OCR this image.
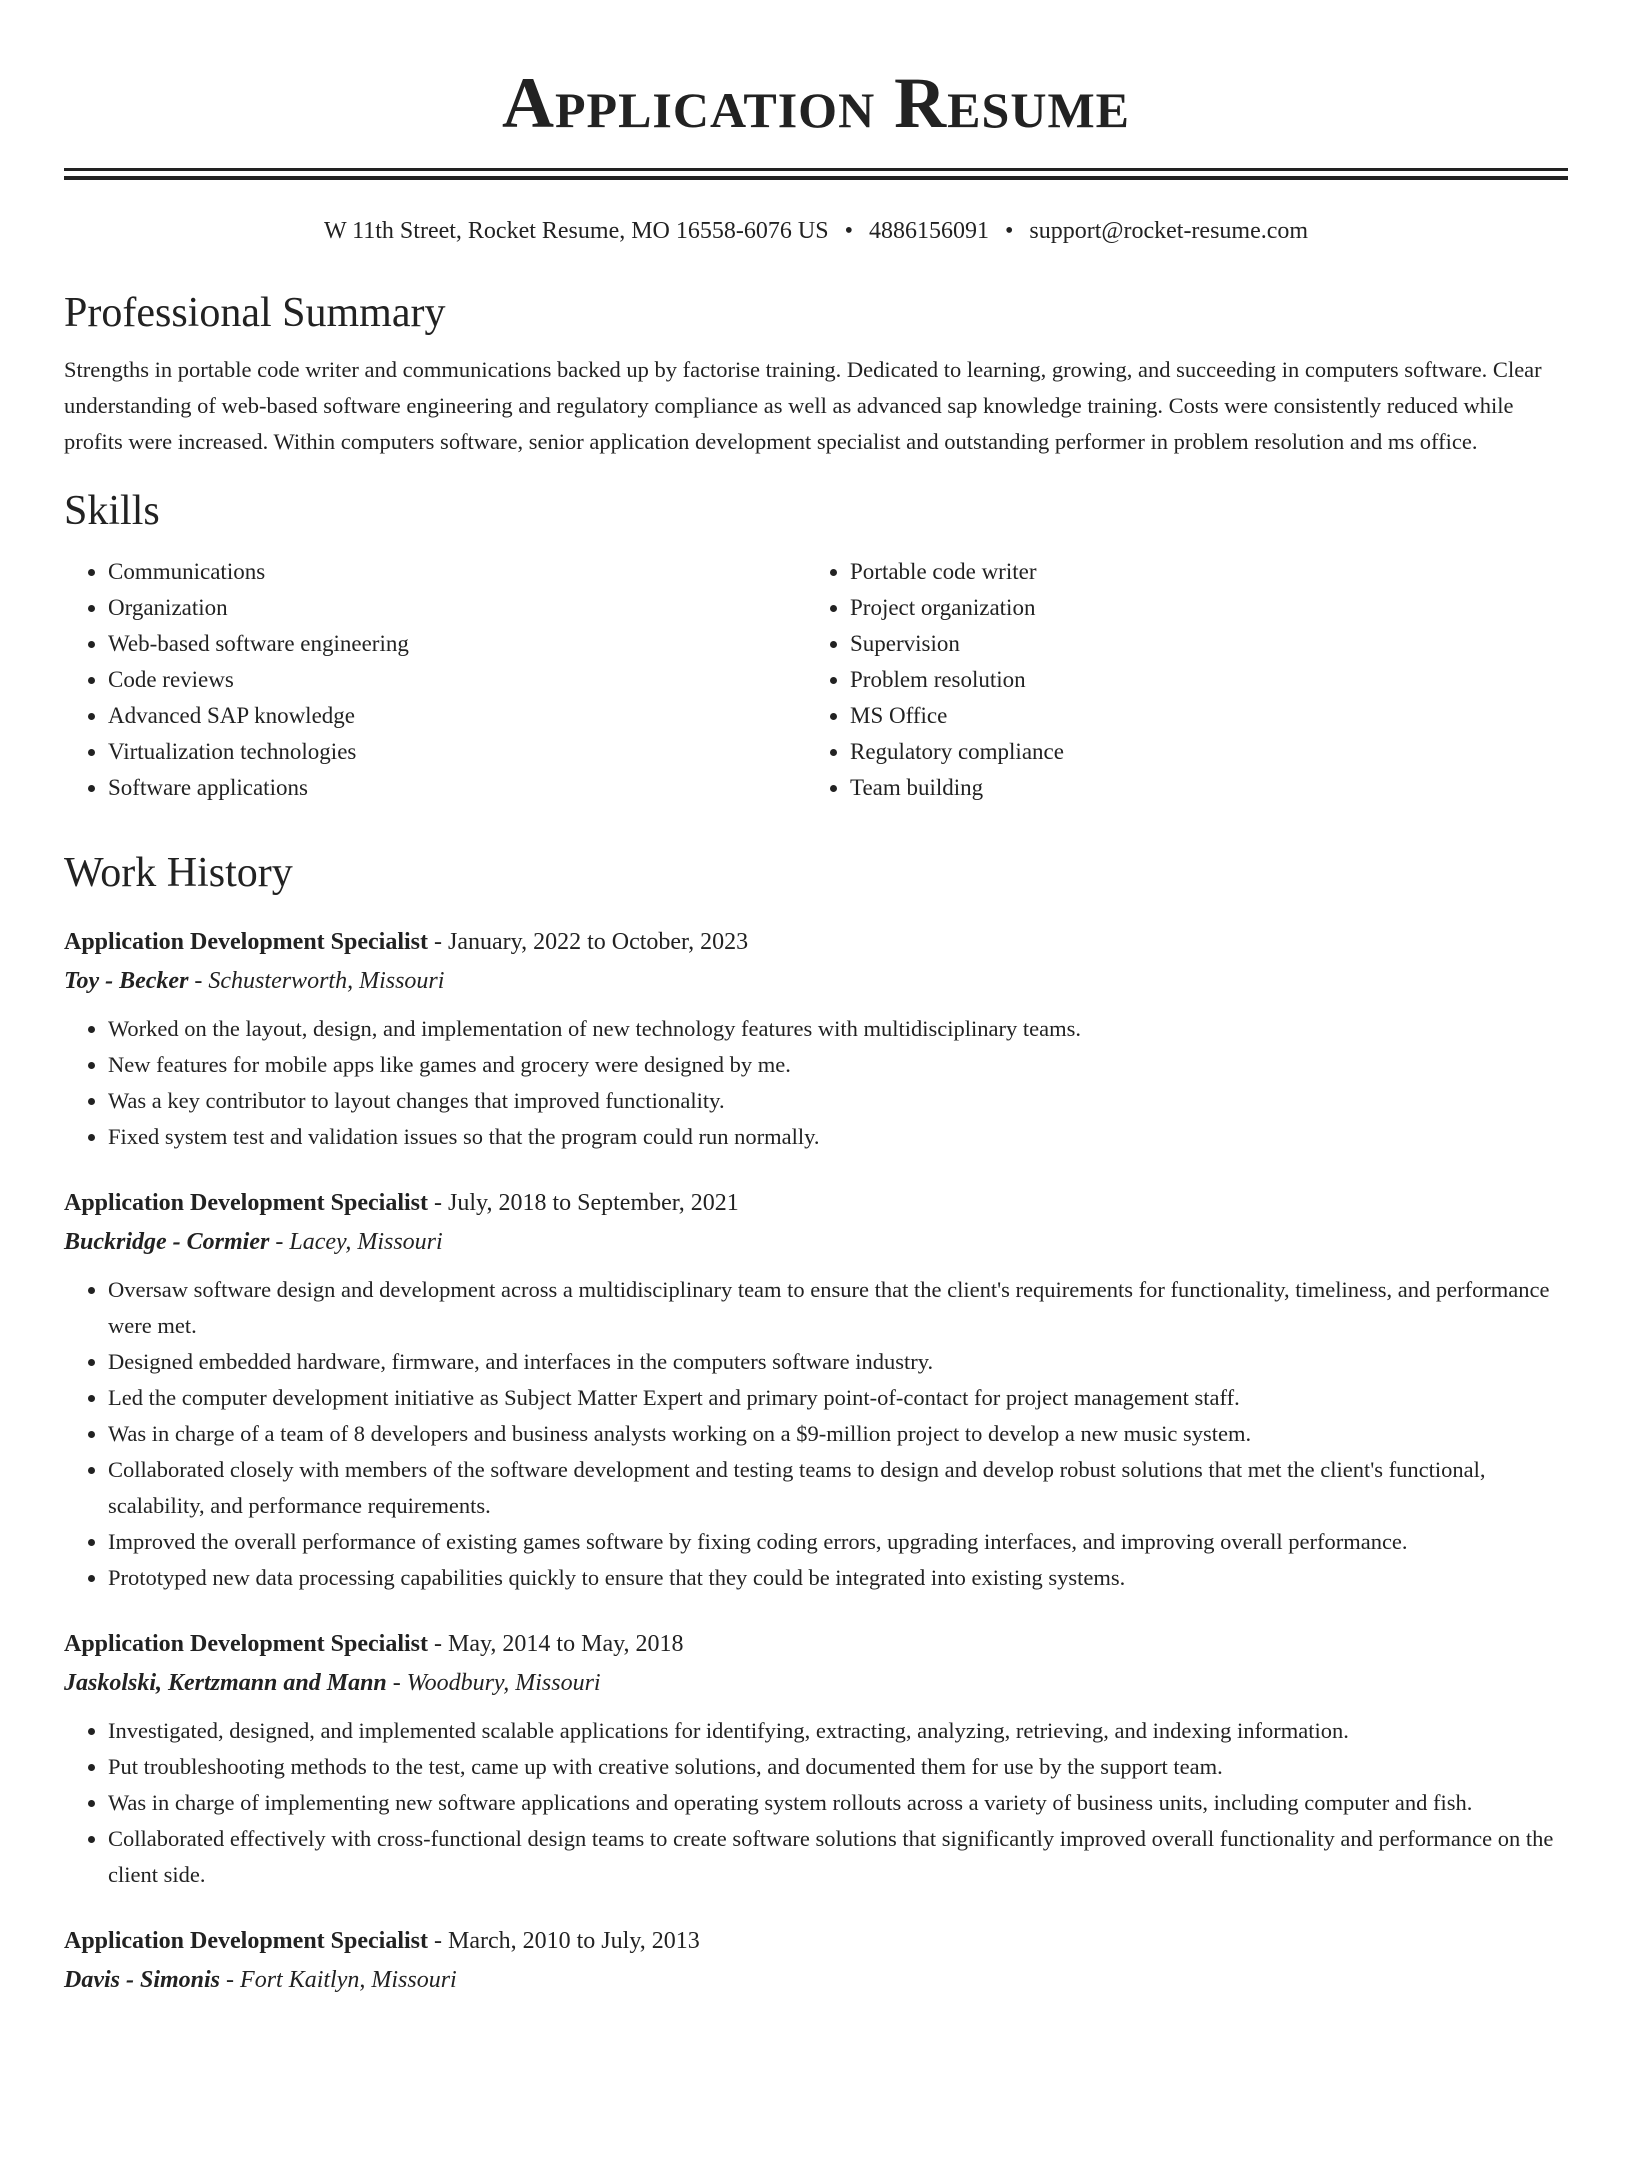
Application Resume
W 11th Street, Rocket Resume, MO 16558-6076 US • 4886156091 • support@rocket-resume.com
Professional Summary

Strengths in portable code writer and communications backed up by factorise training. Dedicated to learning, growing, and succeeding in computers software. Clear understanding of web-based software engineering and regulatory compliance as well as advanced sap knowledge training. Costs were consistently reduced while profits were increased. Within computers software, senior application development specialist and outstanding performer in problem resolution and ms office.

Skills
• Communications
• Organization
• Web-based software engineering
• Code reviews
• Advanced SAP knowledge
• Virtualization technologies
• Software applications
• Portable code writer
• Project organization
• Supervision
• Problem resolution
• MS Office
• Regulatory compliance
• Team building
Work History
Application Development Specialist - January, 2022 to October, 2023
Toy - Becker - Schusterworth, Missouri
• Worked on the layout, design, and implementation of new technology features with multidisciplinary teams.
• New features for mobile apps like games and grocery were designed by me.
• Was a key contributor to layout changes that improved functionality.
• Fixed system test and validation issues so that the program could run normally.
Application Development Specialist - July, 2018 to September, 2021
Buckridge - Cormier - Lacey, Missouri
• Oversaw software design and development across a multidisciplinary team to ensure that the client's requirements for functionality, timeliness, and performance were met.
• Designed embedded hardware, firmware, and interfaces in the computers software industry.
• Led the computer development initiative as Subject Matter Expert and primary point-of-contact for project management staff.
• Was in charge of a team of 8 developers and business analysts working on a $9-million project to develop a new music system.
• Collaborated closely with members of the software development and testing teams to design and develop robust solutions that met the client's functional, scalability, and performance requirements.
• Improved the overall performance of existing games software by fixing coding errors, upgrading interfaces, and improving overall performance.
• Prototyped new data processing capabilities quickly to ensure that they could be integrated into existing systems.
Application Development Specialist - May, 2014 to May, 2018
Jaskolski, Kertzmann and Mann - Woodbury, Missouri
• Investigated, designed, and implemented scalable applications for identifying, extracting, analyzing, retrieving, and indexing information.
• Put troubleshooting methods to the test, came up with creative solutions, and documented them for use by the support team.
• Was in charge of implementing new software applications and operating system rollouts across a variety of business units, including computer and fish.
• Collaborated effectively with cross-functional design teams to create software solutions that significantly improved overall functionality and performance on the client side.
Application Development Specialist - March, 2010 to July, 2013
Davis - Simonis - Fort Kaitlyn, Missouri
